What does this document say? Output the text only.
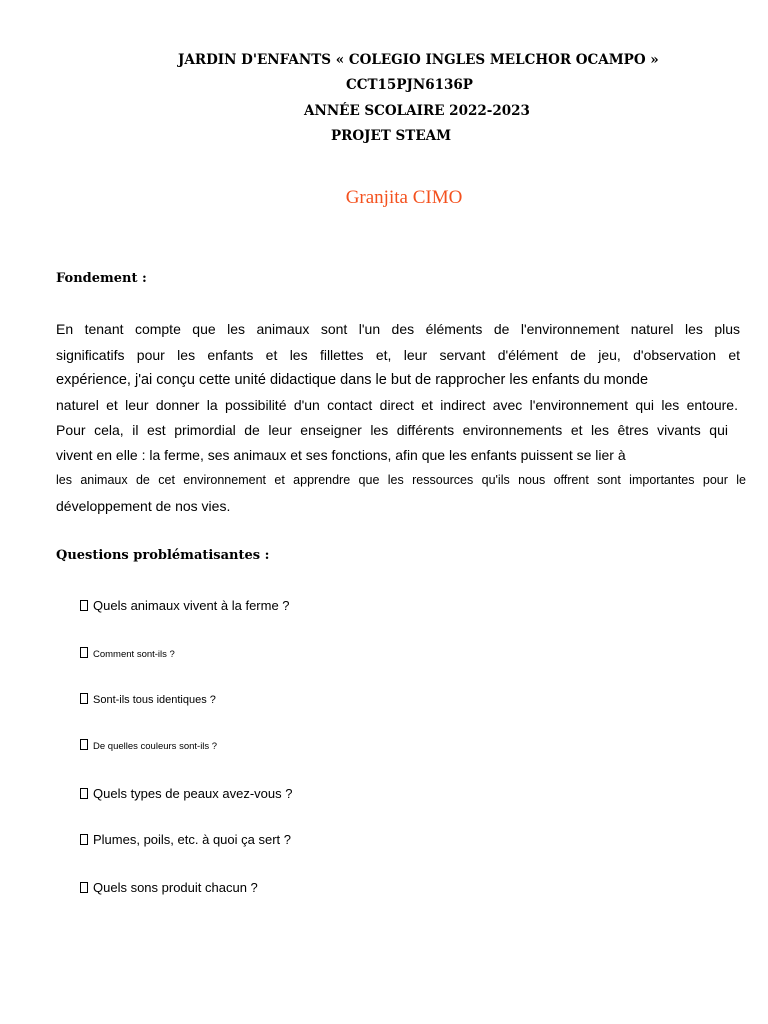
JARDIN D'ENFANTS « COLEGIO INGLES MELCHOR OCAMPO »
CCT15PJN6136P
ANNÉE SCOLAIRE 2022-2023
PROJET STEAM
Granjita CIMO
Fondement :
En tenant compte que les animaux sont l'un des éléments de l'environnement naturel les plus
significatifs pour les enfants et les fillettes et, leur servant d'élément de jeu, d'observation et
expérience, j'ai conçu cette unité didactique dans le but de rapprocher les enfants du monde
naturel et leur donner la possibilité d'un contact direct et indirect avec l'environnement qui les entoure.
Pour cela, il est primordial de leur enseigner les différents environnements et les êtres vivants qui
vivent en elle : la ferme, ses animaux et ses fonctions, afin que les enfants puissent se lier à
les animaux de cet environnement et apprendre que les ressources qu'ils nous offrent sont importantes pour le
développement de nos vies.
Questions problématisantes :
Quels animaux vivent à la ferme ?
Comment sont-ils ?
Sont-ils tous identiques ?
De quelles couleurs sont-ils ?
Quels types de peaux avez-vous ?
Plumes, poils, etc. à quoi ça sert ?
Quels sons produit chacun ?
